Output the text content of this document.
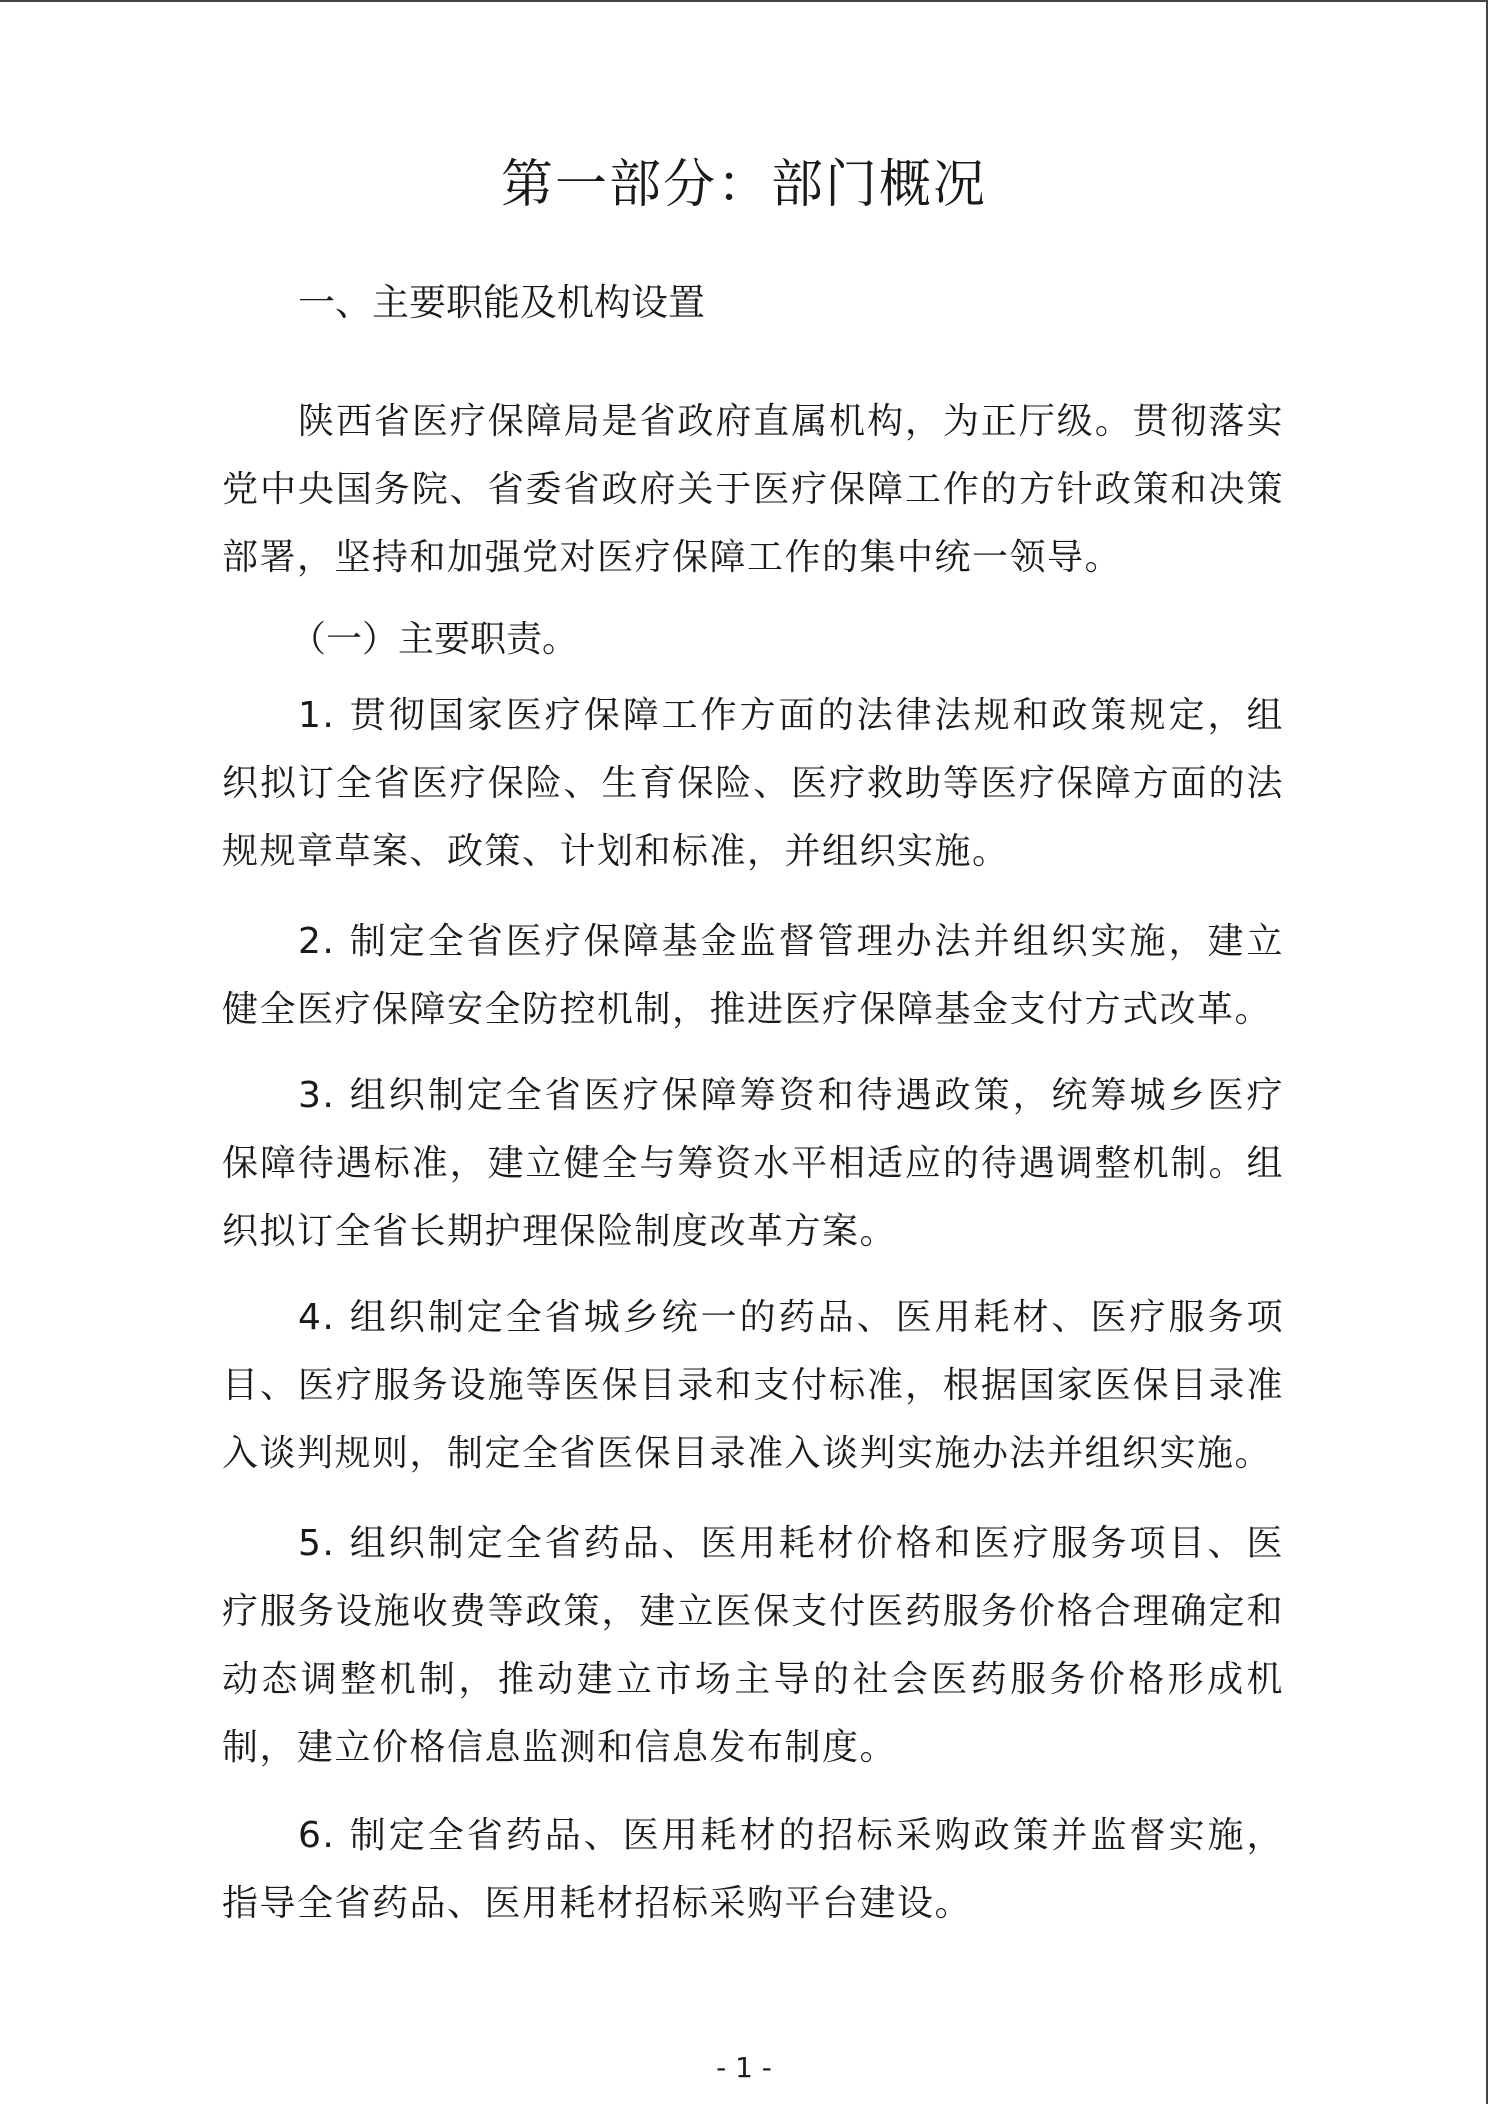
第一部分：部门概况
一、主要职能及机构设置

陕西省医疗保障局是省政府直属机构，为正厅级。贯彻落实党中央国务院、省委省政府关于医疗保障工作的方针政策和决策部署，坚持和加强党对医疗保障工作的集中统一领导。

（一）主要职责。

1. 贯彻国家医疗保障工作方面的法律法规和政策规定，组织拟订全省医疗保险、生育保险、医疗救助等医疗保障方面的法规规章草案、政策、计划和标准，并组织实施。

2. 制定全省医疗保障基金监督管理办法并组织实施，建立健全医疗保障安全防控机制，推进医疗保障基金支付方式改革。

3. 组织制定全省医疗保障筹资和待遇政策，统筹城乡医疗保障待遇标准，建立健全与筹资水平相适应的待遇调整机制。组织拟订全省长期护理保险制度改革方案。

4. 组织制定全省城乡统一的药品、医用耗材、医疗服务项目、医疗服务设施等医保目录和支付标准，根据国家医保目录准入谈判规则，制定全省医保目录准入谈判实施办法并组织实施。

5. 组织制定全省药品、医用耗材价格和医疗服务项目、医疗服务设施收费等政策，建立医保支付医药服务价格合理确定和动态调整机制，推动建立市场主导的社会医药服务价格形成机制，建立价格信息监测和信息发布制度。

6. 制定全省药品、医用耗材的招标采购政策并监督实施，指导全省药品、医用耗材招标采购平台建设。

- 1 -
